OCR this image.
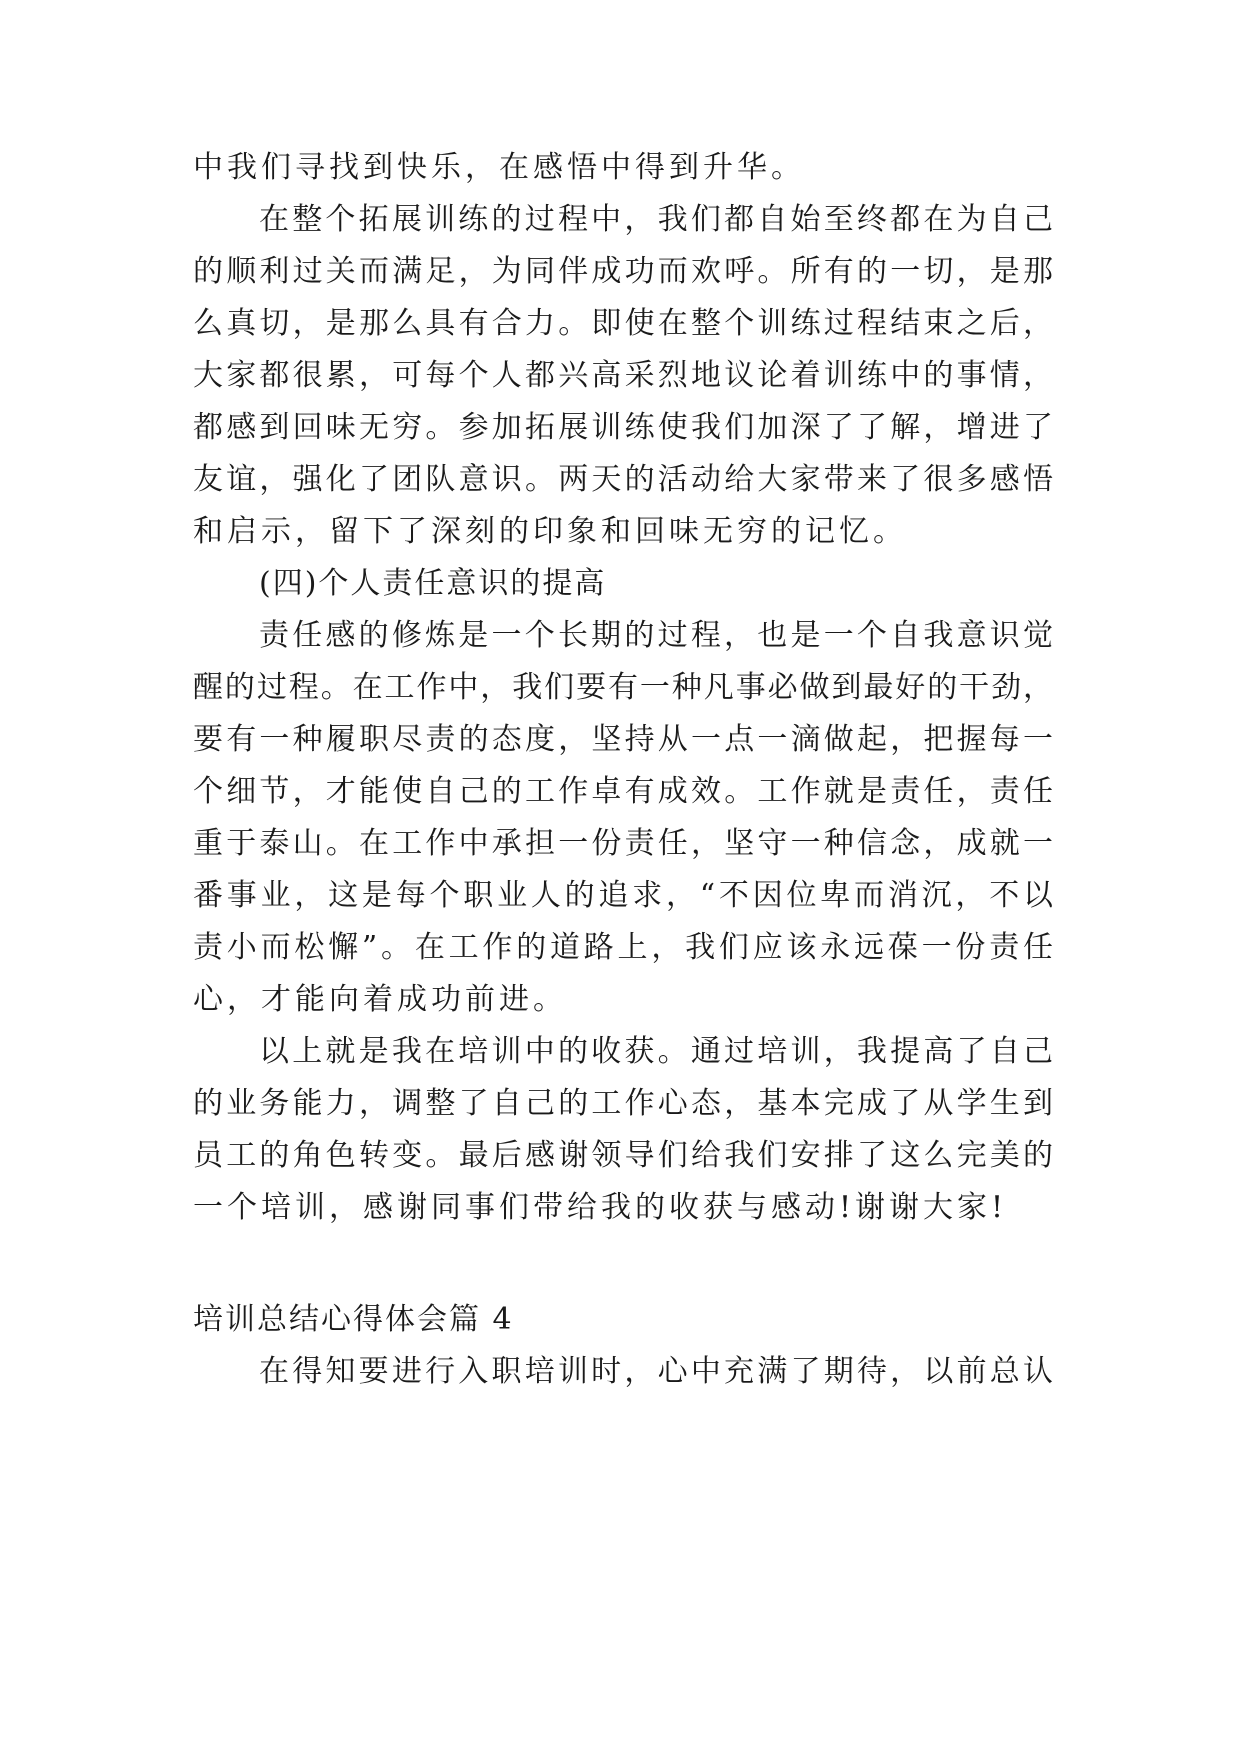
中我们寻找到快乐，在感悟中得到升华。
在整个拓展训练的过程中，我们都自始至终都在为自己
的顺利过关而满足，为同伴成功而欢呼。所有的一切，是那
么真切，是那么具有合力。即使在整个训练过程结束之后，
大家都很累，可每个人都兴高采烈地议论着训练中的事情，
都感到回味无穷。参加拓展训练使我们加深了了解，增进了
友谊，强化了团队意识。两天的活动给大家带来了很多感悟
和启示，留下了深刻的印象和回味无穷的记忆。
(四)个人责任意识的提高
责任感的修炼是一个长期的过程，也是一个自我意识觉
醒的过程。在工作中，我们要有一种凡事必做到最好的干劲，
要有一种履职尽责的态度，坚持从一点一滴做起，把握每一
个细节，才能使自己的工作卓有成效。工作就是责任，责任
重于泰山。在工作中承担一份责任，坚守一种信念，成就一
番事业，这是每个职业人的追求，“不因位卑而消沉，不以
责小而松懈”。在工作的道路上，我们应该永远葆一份责任
心，才能向着成功前进。
以上就是我在培训中的收获。通过培训，我提高了自己
的业务能力，调整了自己的工作心态，基本完成了从学生到
员工的角色转变。最后感谢领导们给我们安排了这么完美的
一个培训，感谢同事们带给我的收获与感动!谢谢大家!
培训总结心得体会篇 4
在得知要进行入职培训时，心中充满了期待，以前总认
